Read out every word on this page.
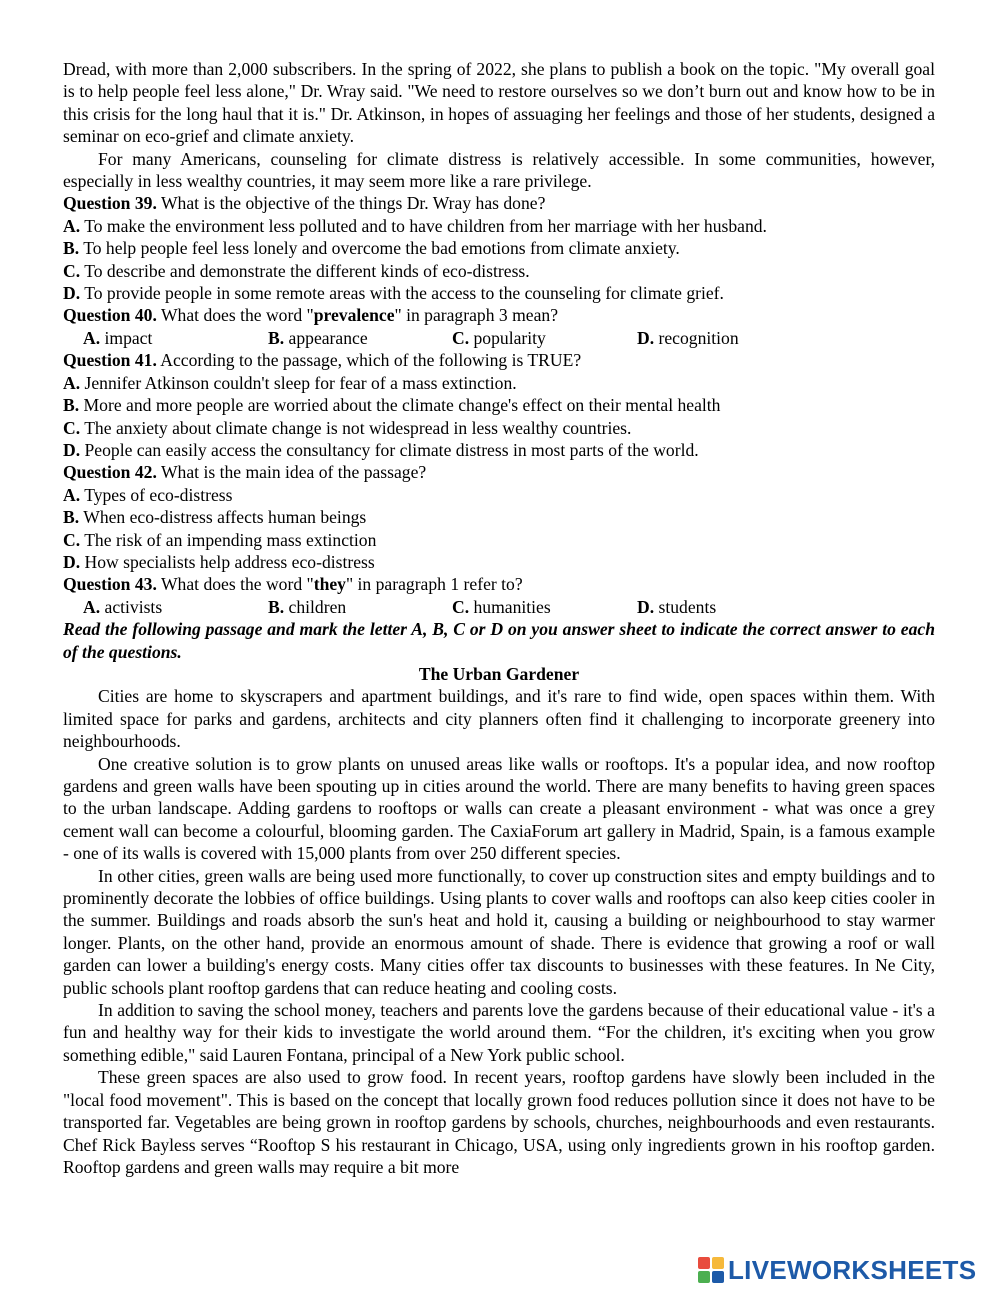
Dread, with more than 2,000 subscribers. In the spring of 2022, she plans to publish a book on the topic. "My overall goal is to help people feel less alone," Dr. Wray said. "We need to restore ourselves so we don’t burn out and know how to be in this crisis for the long haul that it is." Dr. Atkinson, in hopes of assuaging her feelings and those of her students, designed a seminar on eco-grief and climate anxiety.

For many Americans, counseling for climate distress is relatively accessible. In some communities, however, especially in less wealthy countries, it may seem more like a rare privilege.

Question 39. What is the objective of the things Dr. Wray has done?

A. To make the environment less polluted and to have children from her marriage with her husband.

B. To help people feel less lonely and overcome the bad emotions from climate anxiety.

C. To describe and demonstrate the different kinds of eco-distress.

D. To provide people in some remote areas with the access to the counseling for climate grief.

Question 40. What does the word "prevalence" in paragraph 3 mean?

A. impact	B. appearance	C. popularity	D. recognition

Question 41. According to the passage, which of the following is TRUE?

A. Jennifer Atkinson couldn't sleep for fear of a mass extinction.

B. More and more people are worried about the climate change's effect on their mental health

C. The anxiety about climate change is not widespread in less wealthy countries.

D. People can easily access the consultancy for climate distress in most parts of the world.

Question 42. What is the main idea of the passage?

A. Types of eco-distress

B. When eco-distress affects human beings

C. The risk of an impending mass extinction

D. How specialists help address eco-distress

Question 43. What does the word "they" in paragraph 1 refer to?

A. activists	B. children	C. humanities	D. students

Read the following passage and mark the letter A, B, C or D on you answer sheet to indicate the correct answer to each of the questions.

The Urban Gardener

Cities are home to skyscrapers and apartment buildings, and it's rare to find wide, open spaces within them. With limited space for parks and gardens, architects and city planners often find it challenging to incorporate greenery into neighbourhoods.

One creative solution is to grow plants on unused areas like walls or rooftops. It's a popular idea, and now rooftop gardens and green walls have been spouting up in cities around the world. There are many benefits to having green spaces to the urban landscape. Adding gardens to rooftops or walls can create a pleasant environment - what was once a grey cement wall can become a colourful, blooming garden. The CaxiaForum art gallery in Madrid, Spain, is a famous example - one of its walls is covered with 15,000 plants from over 250 different species.

In other cities, green walls are being used more functionally, to cover up construction sites and empty buildings and to prominently decorate the lobbies of office buildings. Using plants to cover walls and rooftops can also keep cities cooler in the summer. Buildings and roads absorb the sun's heat and hold it, causing a building or neighbourhood to stay warmer longer. Plants, on the other hand, provide an enormous amount of shade. There is evidence that growing a roof or wall garden can lower a building's energy costs. Many cities offer tax discounts to businesses with these features. In Ne City, public schools plant rooftop gardens that can reduce heating and cooling costs.

In addition to saving the school money, teachers and parents love the gardens because of their educational value - it's a fun and healthy way for their kids to investigate the world around them. “For the children, it's exciting when you grow something edible," said Lauren Fontana, principal of a New York public school.

These green spaces are also used to grow food. In recent years, rooftop gardens have slowly been included in the "local food movement". This is based on the concept that locally grown food reduces pollution since it does not have to be transported far. Vegetables are being grown in rooftop gardens by schools, churches, neighbourhoods and even restaurants. Chef Rick Bayless serves “Rooftop S his restaurant in Chicago, USA, using only ingredients grown in his rooftop garden. Rooftop gardens and green walls may require a bit more

LIVEWORKSHEETS
